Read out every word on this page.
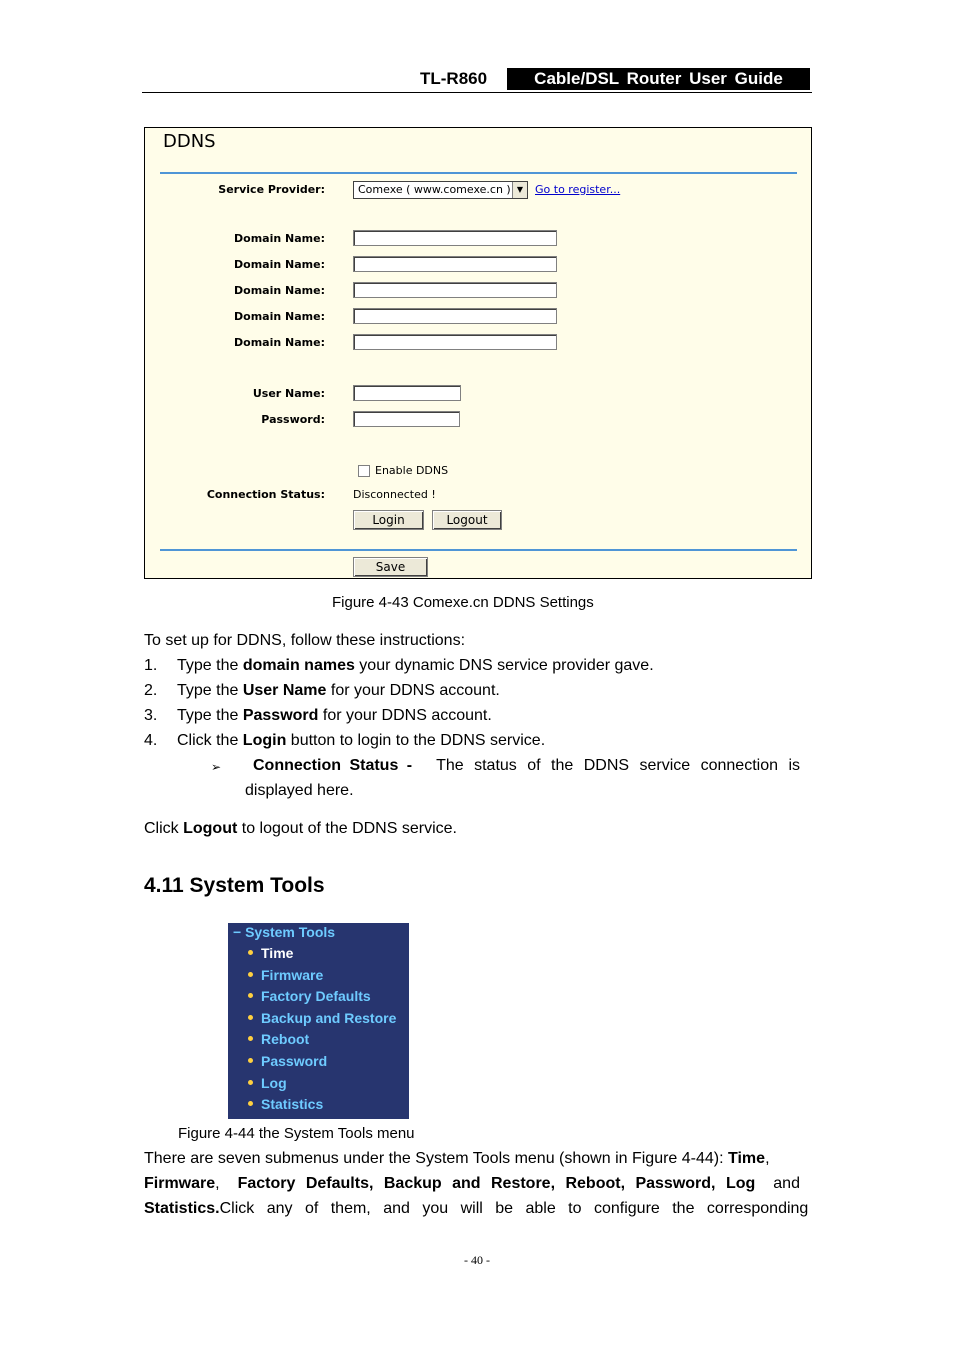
TL-R860	Cable/DSL Router User Guide
DDNS
Service Provider:	Comexe ( www.comexe.cn ) ▼	Go to register...
Domain Name:
Domain Name:
Domain Name:
Domain Name:
Domain Name:
User Name:
Password:
Enable DDNS
Connection Status:	Disconnected !
Login	Logout
Save
Figure 4-43 Comexe.cn DDNS Settings
To set up for DDNS, follow these instructions:
1. Type the domain names your dynamic DNS service provider gave.
2. Type the User Name for your DDNS account.
3. Type the Password for your DDNS account.
4. Click the Login button to login to the DDNS service.
➢ Connection Status - The status of the DDNS service connection is
displayed here.
Click Logout to logout of the DDNS service.
4.11 System Tools
− System Tools
Time
Firmware
Factory Defaults
Backup and Restore
Reboot
Password
Log
Statistics
Figure 4-44 the System Tools menu
There are seven submenus under the System Tools menu (shown in Figure 4-44): Time,
Firmware, Factory Defaults, Backup and Restore, Reboot, Password, Log and
Statistics. Click any of them, and you will be able to configure the corresponding
- 40 -
